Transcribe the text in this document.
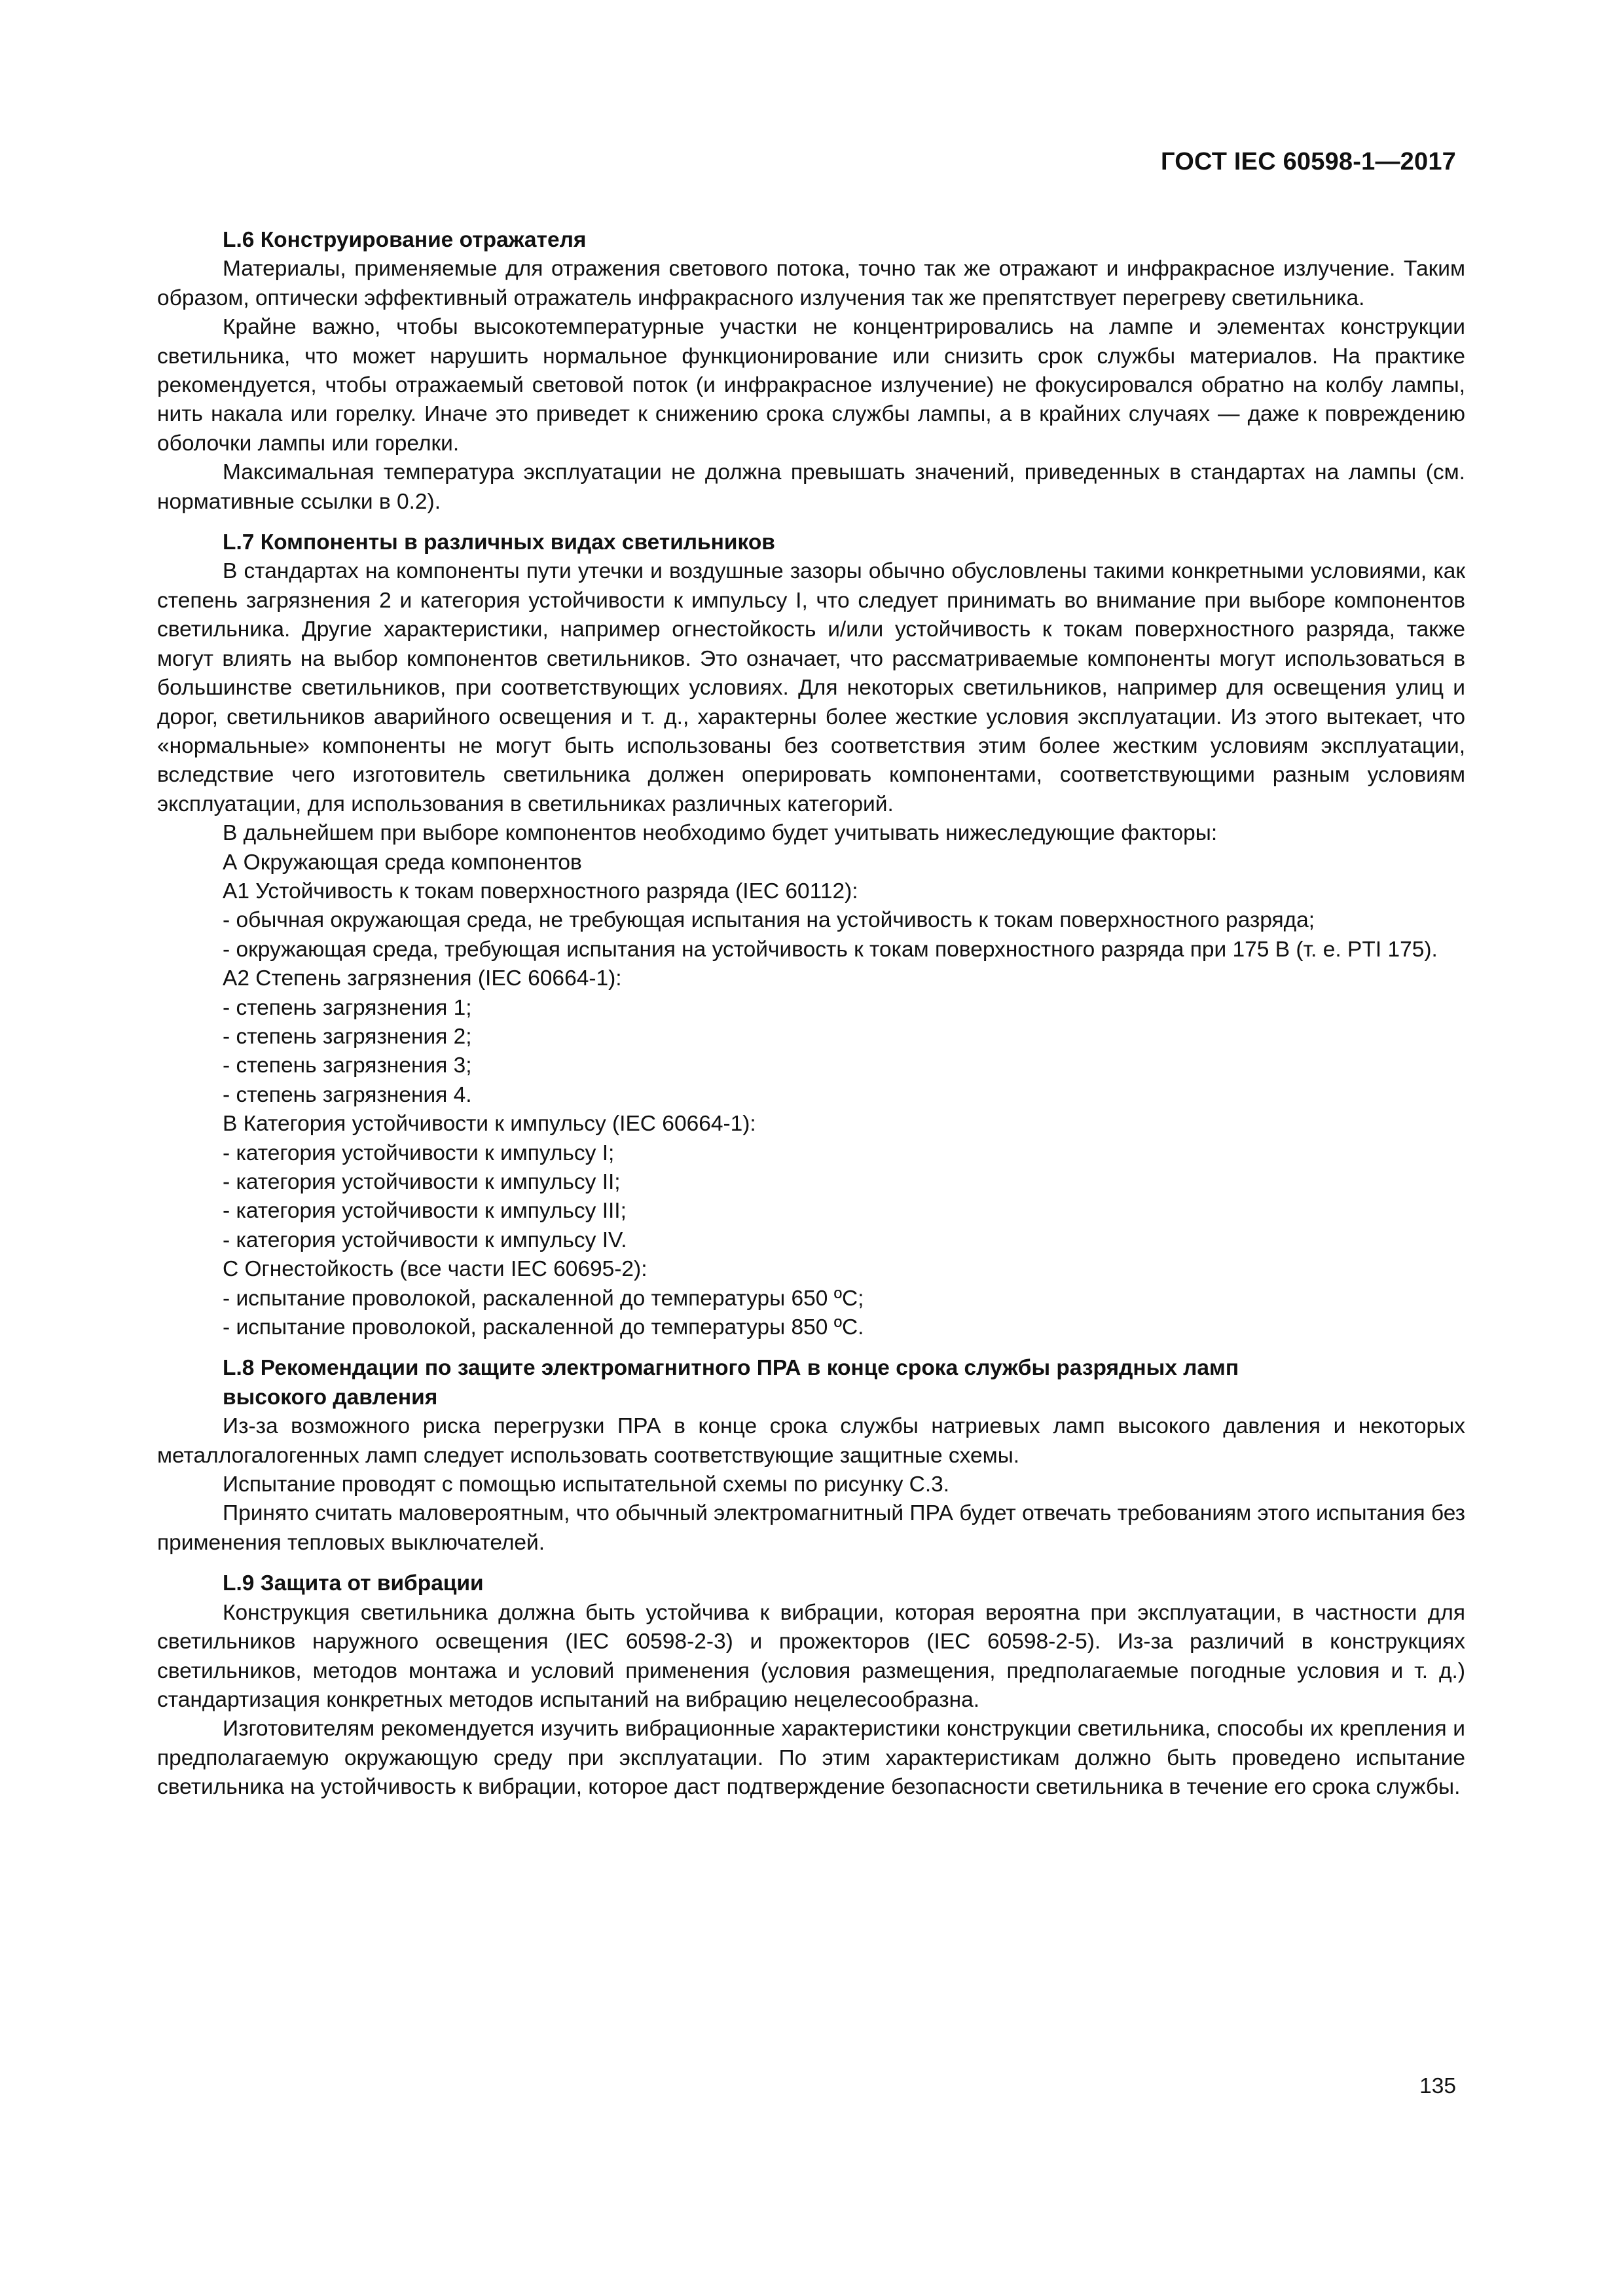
ГОСТ IEC 60598-1—2017

L.6 Конструирование отражателя

Материалы, применяемые для отражения светового потока, точно так же отражают и инфракрасное излучение. Таким образом, оптически эффективный отражатель инфракрасного излучения так же препятствует перегреву светильника.

Крайне важно, чтобы высокотемпературные участки не концентрировались на лампе и элементах конструкции светильника, что может нарушить нормальное функционирование или снизить срок службы материалов. На практике рекомендуется, чтобы отражаемый световой поток (и инфракрасное излучение) не фокусировался обратно на колбу лампы, нить накала или горелку. Иначе это приведет к снижению срока службы лампы, а в крайних случаях — даже к повреждению оболочки лампы или горелки.

Максимальная температура эксплуатации не должна превышать значений, приведенных в стандартах на лампы (см. нормативные ссылки в 0.2).

L.7 Компоненты в различных видах светильников

В стандартах на компоненты пути утечки и воздушные зазоры обычно обусловлены такими конкретными условиями, как степень загрязнения 2 и категория устойчивости к импульсу I, что следует принимать во внимание при выборе компонентов светильника. Другие характеристики, например огнестойкость и/или устойчивость к токам поверхностного разряда, также могут влиять на выбор компонентов светильников. Это означает, что рассматриваемые компоненты могут использоваться в большинстве светильников, при соответствующих условиях. Для некоторых светильников, например для освещения улиц и дорог, светильников аварийного освещения и т. д., характерны более жесткие условия эксплуатации. Из этого вытекает, что «нормальные» компоненты не могут быть использованы без соответствия этим более жестким условиям эксплуатации, вследствие чего изготовитель светильника должен оперировать компонентами, соответствующими разным условиям эксплуатации, для использования в светильниках различных категорий.

В дальнейшем при выборе компонентов необходимо будет учитывать нижеследующие факторы:

А Окружающая среда компонентов

А1 Устойчивость к токам поверхностного разряда (IEC 60112):

- обычная окружающая среда, не требующая испытания на устойчивость к токам поверхностного разряда;

- окружающая среда, требующая испытания на устойчивость к токам поверхностного разряда при 175 В (т. е. PTI 175).

А2 Степень загрязнения (IEC 60664-1):

- степень загрязнения 1;

- степень загрязнения 2;

- степень загрязнения 3;

- степень загрязнения 4.

В Категория устойчивости к импульсу (IEC 60664-1):

- категория устойчивости к импульсу I;

- категория устойчивости к импульсу II;

- категория устойчивости к импульсу III;

- категория устойчивости к импульсу IV.

С Огнестойкость (все части IEC 60695-2):

- испытание проволокой, раскаленной до температуры 650 ºС;

- испытание проволокой, раскаленной до температуры 850 ºС.

L.8 Рекомендации по защите электромагнитного ПРА в конце срока службы разрядных ламп
высокого давления

Из-за возможного риска перегрузки ПРА в конце срока службы натриевых ламп высокого давления и некоторых металлогалогенных ламп следует использовать соответствующие защитные схемы.

Испытание проводят с помощью испытательной схемы по рисунку С.3.

Принято считать маловероятным, что обычный электромагнитный ПРА будет отвечать требованиям этого испытания без применения тепловых выключателей.

L.9 Защита от вибрации

Конструкция светильника должна быть устойчива к вибрации, которая вероятна при эксплуатации, в частности для светильников наружного освещения (IEC 60598-2-3) и прожекторов (IEC 60598-2-5). Из-за различий в конструкциях светильников, методов монтажа и условий применения (условия размещения, предполагаемые погодные условия и т. д.) стандартизация конкретных методов испытаний на вибрацию нецелесообразна.

Изготовителям рекомендуется изучить вибрационные характеристики конструкции светильника, способы их крепления и предполагаемую окружающую среду при эксплуатации. По этим характеристикам должно быть проведено испытание светильника на устойчивость к вибрации, которое даст подтверждение безопасности светильника в течение его срока службы.

135
